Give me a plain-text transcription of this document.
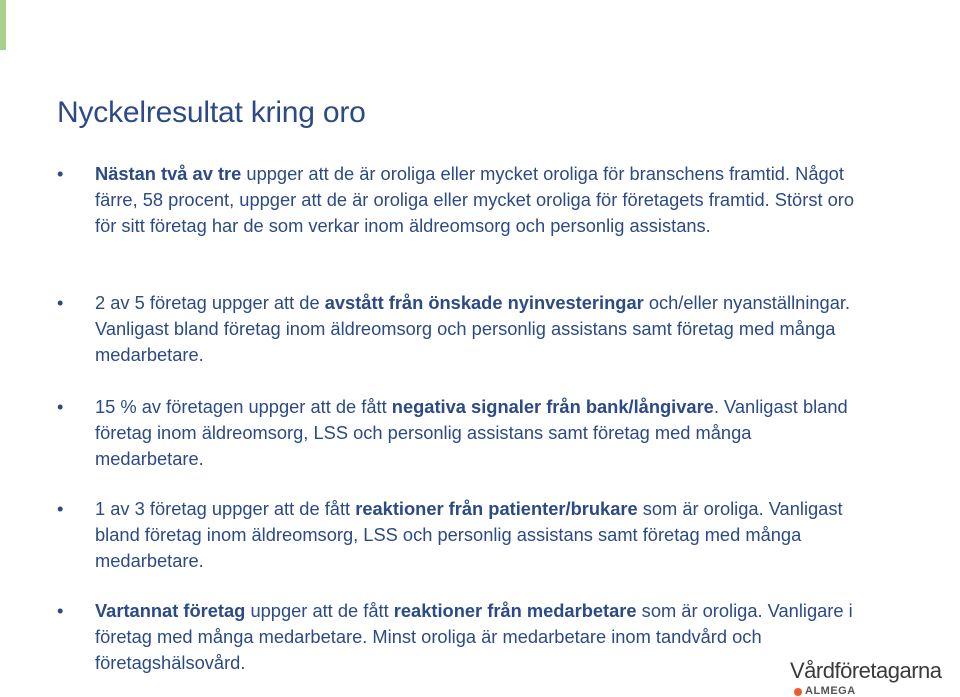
Nyckelresultat kring oro
•	Nästan två av tre uppger att de är oroliga eller mycket oroliga för branschens framtid. Något färre, 58 procent, uppger att de är oroliga eller mycket oroliga för företagets framtid. Störst oro för sitt företag har de som verkar inom äldreomsorg och personlig assistans.
•	2 av 5 företag uppger att de avstått från önskade nyinvesteringar och/eller nyanställningar. Vanligast bland företag inom äldreomsorg och personlig assistans samt företag med många medarbetare.
•	15 % av företagen uppger att de fått negativa signaler från bank/långivare. Vanligast bland företag inom äldreomsorg, LSS och personlig assistans samt företag med många medarbetare.
•	1 av 3 företag uppger att de fått reaktioner från patienter/brukare som är oroliga. Vanligast bland företag inom äldreomsorg, LSS och personlig assistans samt företag med många medarbetare.
•	Vartannat företag uppger att de fått reaktioner från medarbetare som är oroliga. Vanligare i företag med många medarbetare. Minst oroliga är medarbetare inom tandvård och företagshälsovård.	Vårdföretagarna
ALMEGA
